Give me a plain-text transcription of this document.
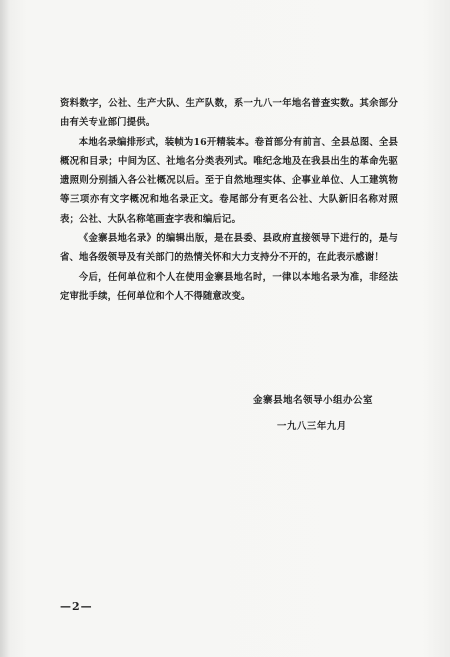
资料数字，公社、生产大队、生产队数，系一九八一年地名普查实数。其余部分由有关专业部门提供。

本地名录编排形式，装帧为16开精装本。卷首部分有前言、全县总图、全县概况和目录；中间为区、社地名分类表列式。唯纪念地及在我县出生的革命先驱遗照则分别插入各公社概况以后。至于自然地理实体、企事业单位、人工建筑物等三项亦有文字概况和地名录正文。卷尾部分有更名公社、大队新旧名称对照表；公社、大队名称笔画查字表和编后记。

《金寨县地名录》的编辑出版，是在县委、县政府直接领导下进行的，是与省、地各级领导及有关部门的热情关怀和大力支持分不开的，在此表示感谢！

今后，任何单位和个人在使用金寨县地名时，一律以本地名录为准，非经法定审批手续，任何单位和个人不得随意改变。

金寨县地名领导小组办公室
一九八三年九月
—2—
